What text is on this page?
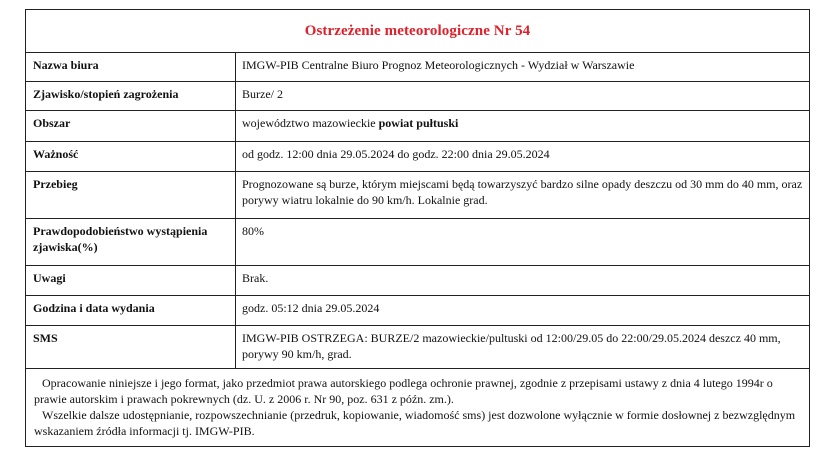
Ostrzeżenie meteorologiczne Nr 54
Nazwa biura	IMGW-PIB Centralne Biuro Prognoz Meteorologicznych - Wydział w Warszawie
Zjawisko/stopień zagrożenia	Burze/ 2
Obszar	województwo mazowieckie powiat pułtuski
Ważność	od godz. 12:00 dnia 29.05.2024 do godz. 22:00 dnia 29.05.2024
Przebieg	Prognozowane są burze, którym miejscami będą towarzyszyć bardzo silne opady deszczu od 30 mm do 40 mm, oraz porywy wiatru lokalnie do 90 km/h. Lokalnie grad.
Prawdopodobieństwo wystąpienia zjawiska(%)	80%
Uwagi	Brak.
Godzina i data wydania	godz. 05:12 dnia 29.05.2024
SMS	IMGW-PIB OSTRZEGA: BURZE/2 mazowieckie/pultuski od 12:00/29.05 do 22:00/29.05.2024 deszcz 40 mm, porywy 90 km/h, grad.

Opracowanie niniejsze i jego format, jako przedmiot prawa autorskiego podlega ochronie prawnej, zgodnie z przepisami ustawy z dnia 4 lutego 1994r o prawie autorskim i prawach pokrewnych (dz. U. z 2006 r. Nr 90, poz. 631 z późn. zm.).

Wszelkie dalsze udostępnianie, rozpowszechnianie (przedruk, kopiowanie, wiadomość sms) jest dozwolone wyłącznie w formie dosłownej z bezwzględnym wskazaniem źródła informacji tj. IMGW-PIB.
